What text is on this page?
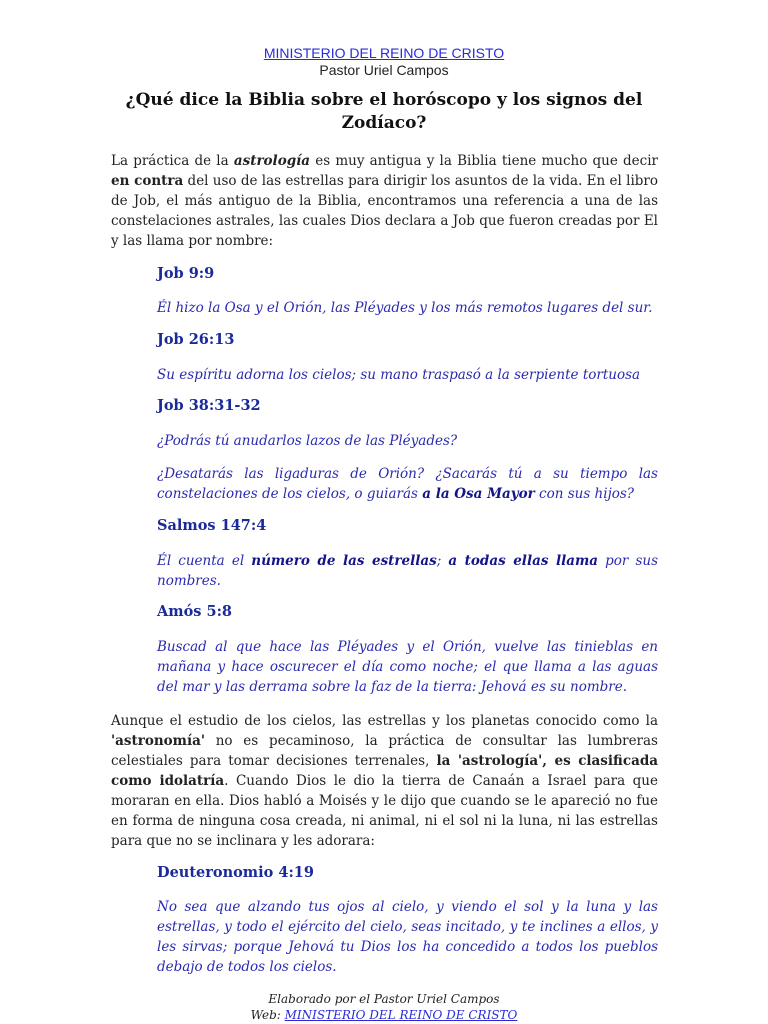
MINISTERIO DEL REINO DE CRISTO
Pastor Uriel Campos
¿Qué dice la Biblia sobre el horóscopo y los signos del Zodíaco?
La práctica de la astrología es muy antigua y la Biblia tiene mucho que decir en contra del uso de las estrellas para dirigir los asuntos de la vida. En el libro de Job, el más antiguo de la Biblia, encontramos una referencia a una de las constelaciones astrales, las cuales Dios declara a Job que fueron creadas por El y las llama por nombre:
Job 9:9
Él hizo la Osa y el Orión, las Pléyades y los más remotos lugares del sur.
Job 26:13
Su espíritu adorna los cielos; su mano traspasó a la serpiente tortuosa
Job 38:31-32
¿Podrás tú anudarlos lazos de las Pléyades?
¿Desatarás las ligaduras de Orión? ¿Sacarás tú a su tiempo las constelaciones de los cielos, o guiarás a la Osa Mayor con sus hijos?
Salmos 147:4
Él cuenta el número de las estrellas; a todas ellas llama por sus nombres.
Amós 5:8
Buscad al que hace las Pléyades y el Orión, vuelve las tinieblas en mañana y hace oscurecer el día como noche; el que llama a las aguas del mar y las derrama sobre la faz de la tierra: Jehová es su nombre.
Aunque el estudio de los cielos, las estrellas y los planetas conocido como la 'astronomía' no es pecaminoso, la práctica de consultar las lumbreras celestiales para tomar decisiones terrenales, la 'astrología', es clasificada como idolatría. Cuando Dios le dio la tierra de Canaán a Israel para que moraran en ella. Dios habló a Moisés y le dijo que cuando se le apareció no fue en forma de ninguna cosa creada, ni animal, ni el sol ni la luna, ni las estrellas para que no se inclinara y les adorara:
Deuteronomio 4:19
No sea que alzando tus ojos al cielo, y viendo el sol y la luna y las estrellas, y todo el ejército del cielo, seas incitado, y te inclines a ellos, y les sirvas; porque Jehová tu Dios los ha concedido a todos los pueblos debajo de todos los cielos.
Elaborado por el Pastor Uriel Campos
Web: MINISTERIO DEL REINO DE CRISTO
